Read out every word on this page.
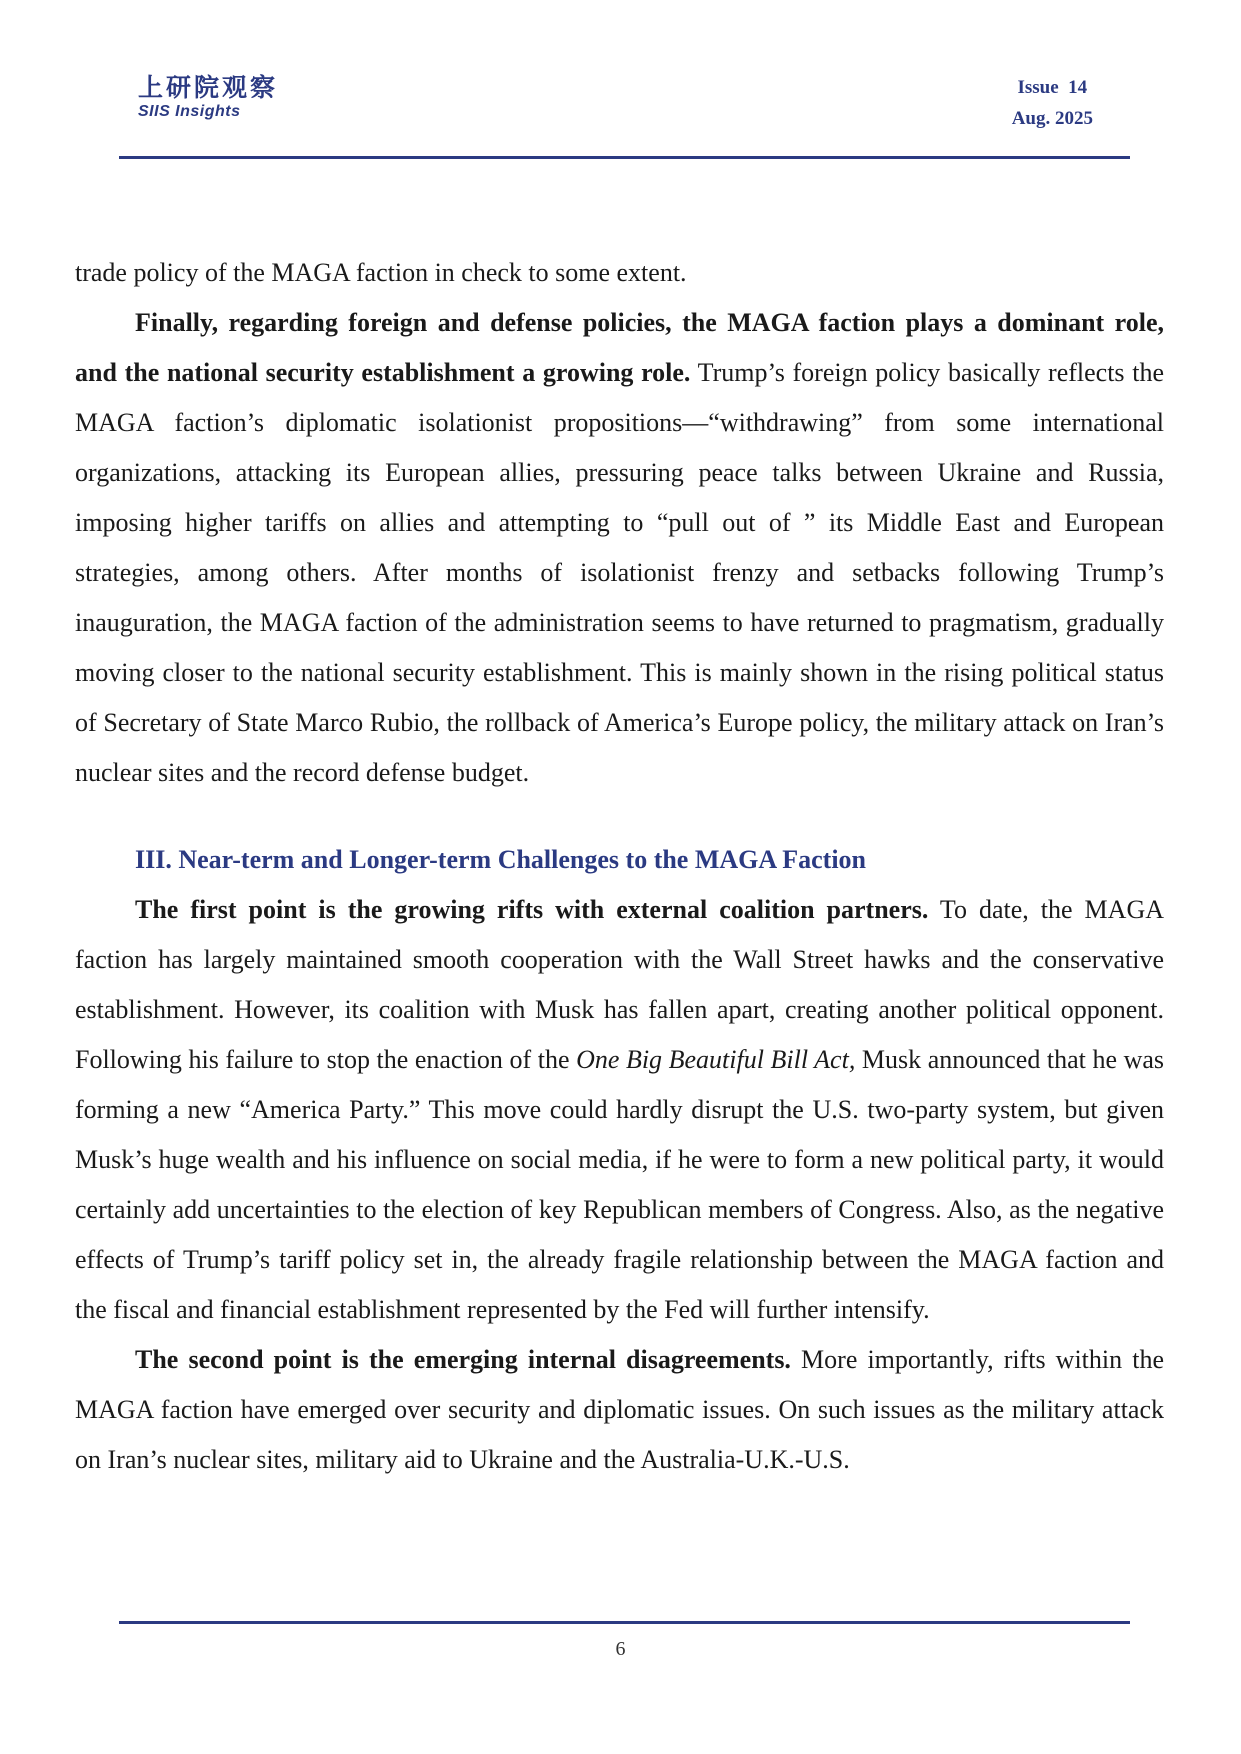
上研院观察
SIIS Insights
Issue  14
Aug. 2025

trade policy of the MAGA faction in check to some extent.

Finally, regarding foreign and defense policies, the MAGA faction plays a dominant role, and the national security establishment a growing role. Trump’s foreign policy basically reflects the MAGA faction’s diplomatic isolationist propositions—“withdrawing” from some international organizations, attacking its European allies, pressuring peace talks between Ukraine and Russia, imposing higher tariffs on allies and attempting to “pull out of ” its Middle East and European strategies, among others. After months of isolationist frenzy and setbacks following Trump’s inauguration, the MAGA faction of the administration seems to have returned to pragmatism, gradually moving closer to the national security establishment. This is mainly shown in the rising political status of Secretary of State Marco Rubio, the rollback of America’s Europe policy, the military attack on Iran’s nuclear sites and the record defense budget.

III. Near-term and Longer-term Challenges to the MAGA Faction

The first point is the growing rifts with external coalition partners. To date, the MAGA faction has largely maintained smooth cooperation with the Wall Street hawks and the conservative establishment. However, its coalition with Musk has fallen apart, creating another political opponent. Following his failure to stop the enaction of the One Big Beautiful Bill Act, Musk announced that he was forming a new “America Party.” This move could hardly disrupt the U.S. two-party system, but given Musk’s huge wealth and his influence on social media, if he were to form a new political party, it would certainly add uncertainties to the election of key Republican members of Congress. Also, as the negative effects of Trump’s tariff policy set in, the already fragile relationship between the MAGA faction and the fiscal and financial establishment represented by the Fed will further intensify.

The second point is the emerging internal disagreements. More importantly, rifts within the MAGA faction have emerged over security and diplomatic issues. On such issues as the military attack on Iran’s nuclear sites, military aid to Ukraine and the Australia-U.K.-U.S.

6
